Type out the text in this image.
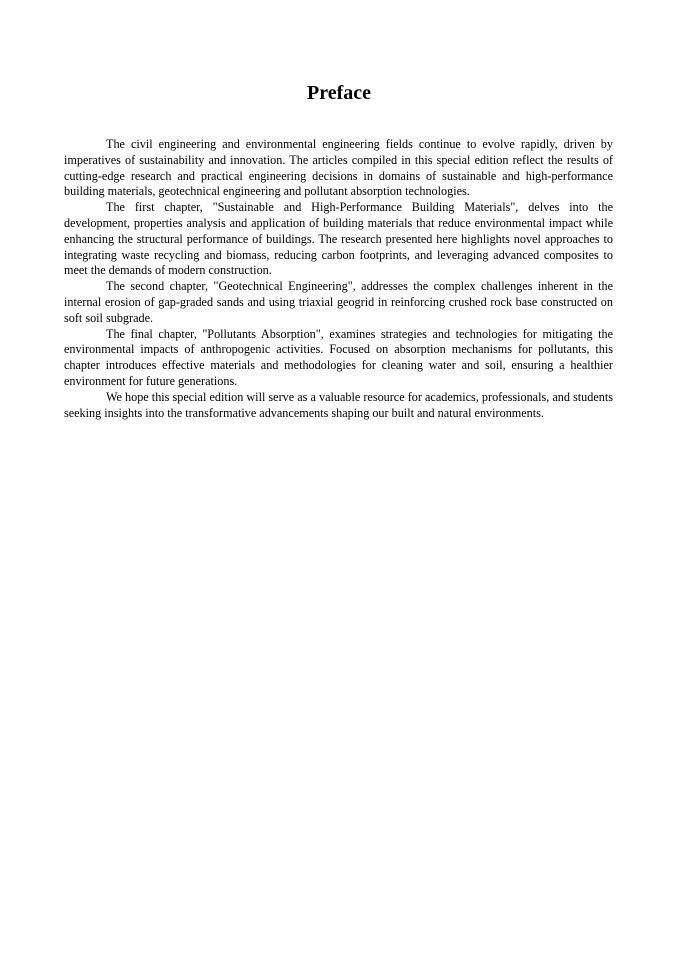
Preface

The civil engineering and environmental engineering fields continue to evolve rapidly, driven by imperatives of sustainability and innovation. The articles compiled in this special edition reflect the results of cutting-edge research and practical engineering decisions in domains of sustainable and high-performance building materials, geotechnical engineering and pollutant absorption technologies.

The first chapter, "Sustainable and High-Performance Building Materials", delves into the development, properties analysis and application of building materials that reduce environmental impact while enhancing the structural performance of buildings. The research presented here highlights novel approaches to integrating waste recycling and biomass, reducing carbon footprints, and leveraging advanced composites to meet the demands of modern construction.

The second chapter, "Geotechnical Engineering", addresses the complex challenges inherent in the internal erosion of gap-graded sands and using triaxial geogrid in reinforcing crushed rock base constructed on soft soil subgrade.

The final chapter, "Pollutants Absorption", examines strategies and technologies for mitigating the environmental impacts of anthropogenic activities. Focused on absorption mechanisms for pollutants, this chapter introduces effective materials and methodologies for cleaning water and soil, ensuring a healthier environment for future generations.

We hope this special edition will serve as a valuable resource for academics, professionals, and students seeking insights into the transformative advancements shaping our built and natural environments.
